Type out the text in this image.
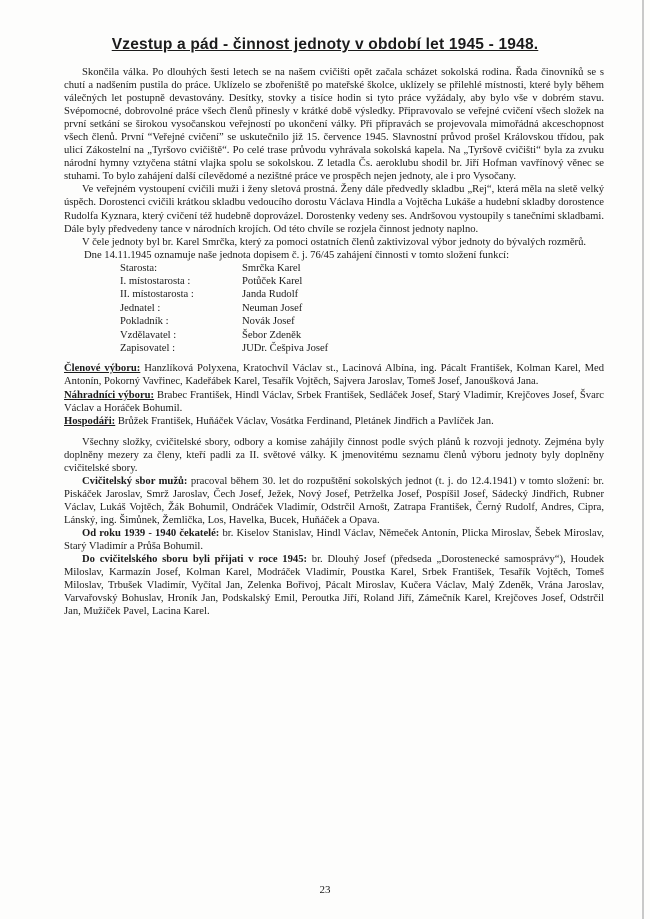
Vzestup a pád - činnost jednoty v období let 1945 - 1948.

Skončila válka. Po dlouhých šesti letech se na našem cvičišti opět začala scházet sokolská rodina. Řada činovníků se s chutí a nadšením pustila do práce. Uklízelo se zbořeniště po mateřské školce, uklízely se přilehlé místnosti, které byly během válečných let postupně devastovány. Desítky, stovky a tisíce hodin si tyto práce vyžádaly, aby bylo vše v dobrém stavu. Svépomocné, dobrovolné práce všech členů přinesly v krátké době výsledky. Připravovalo se veřejné cvičení všech složek na první setkání se širokou vysočanskou veřejností po ukončení války. Při přípravách se projevovala mimořádná akceschopnost všech členů. První “Veřejné cvičení” se uskutečnilo již 15. července 1945. Slavnostní průvod prošel Královskou třídou, pak ulicí Zákostelní na „Tyršovo cvičiště“. Po celé trase průvodu vyhrávala sokolská kapela. Na „Tyršově cvičišti“ byla za zvuku národní hymny vztyčena státní vlajka spolu se sokolskou. Z letadla Čs. aeroklubu shodil br. Jiří Hofman vavřínový věnec se stuhami. To bylo zahájení další cílevědomé a nezištné práce ve prospěch nejen jednoty, ale i pro Vysočany.

Ve veřejném vystoupení cvičili muži i ženy sletová prostná. Ženy dále předvedly skladbu „Rej“, která měla na sletě velký úspěch. Dorostenci cvičili krátkou skladbu vedoucího dorostu Václava Hindla a Vojtěcha Lukáše a hudební skladby dorostence Rudolfa Kyznara, který cvičení též hudebně doprovázel. Dorostenky vedeny ses. Andršovou vystoupily s tanečními skladbami. Dále byly předvedeny tance v národních krojích. Od této chvíle se rozjela činnost jednoty naplno.

V čele jednoty byl br. Karel Smrčka, který za pomoci ostatních členů zaktivizoval výbor jednoty do bývalých rozměrů.

Dne 14.11.1945 oznamuje naše jednota dopisem č. j. 76/45 zahájení činnosti v tomto složení funkcí:

Starosta:	Smrčka Karel
I. místostarosta :	Potůček Karel
II. místostarosta :	Janda Rudolf
Jednatel :	Neuman Josef
Pokladník :	Novák Josef
Vzdělavatel :	Šebor Zdeněk
Zapisovatel :	JUDr. Češpiva Josef

Členové výboru: Hanzlíková Polyxena, Kratochvíl Václav st., Lacinová Albína, ing. Pácalt František, Kolman Karel, Med Antonín, Pokorný Vavřinec, Kadeřábek Karel, Tesařík Vojtěch, Sajvera Jaroslav, Tomeš Josef, Janoušková Jana.

Náhradníci výboru: Brabec František, Hindl Václav, Srbek František, Sedláček Josef, Starý Vladimír, Krejčoves Josef, Švarc Václav a Horáček Bohumil.

Hospodáři: Brůžek František, Huňáček Václav, Vosátka Ferdinand, Pletánek Jindřich a Pavlíček Jan.

Všechny složky, cvičitelské sbory, odbory a komise zahájily činnost podle svých plánů k rozvoji jednoty. Zejména byly doplněny mezery za členy, kteří padli za II. světové války. K jmenovitému seznamu členů výboru jednoty byly doplněny cvičitelské sbory.

Cvičitelský sbor mužů: pracoval během 30. let do rozpuštění sokolských jednot (t. j. do 12.4.1941) v tomto složení: br. Piskáček Jaroslav, Smrž Jaroslav, Čech Josef, Ježek, Nový Josef, Petrželka Josef, Pospíšil Josef, Sádecký Jindřich, Rubner Václav, Lukáš Vojtěch, Žák Bohumil, Ondráček Vladimír, Odstrčil Arnošt, Zatrapa František, Černý Rudolf, Andres, Cipra, Lánský, ing. Šimůnek, Žemlička, Los, Havelka, Bucek, Huňáček a Opava.

Od roku 1939 - 1940 čekatelé: br. Kiselov Stanislav, Hindl Václav, Němeček Antonín, Plicka Miroslav, Šebek Miroslav, Starý Vladimír a Průša Bohumil.

Do cvičitelského sboru byli přijati v roce 1945: br. Dlouhý Josef (předseda „Dorostenecké samosprávy“), Houdek Miloslav, Karmazín Josef, Kolman Karel, Modráček Vladimír, Poustka Karel, Srbek František, Tesařík Vojtěch, Tomeš Miloslav, Trbušek Vladimír, Vyčítal Jan, Zelenka Bořivoj, Pácalt Miroslav, Kučera Václav, Malý Zdeněk, Vrána Jaroslav, Varvařovský Bohuslav, Hroník Jan, Podskalský Emil, Peroutka Jiří, Roland Jiří, Zámečník Karel, Krejčoves Josef, Odstrčil Jan, Mužíček Pavel, Lacina Karel.

23
